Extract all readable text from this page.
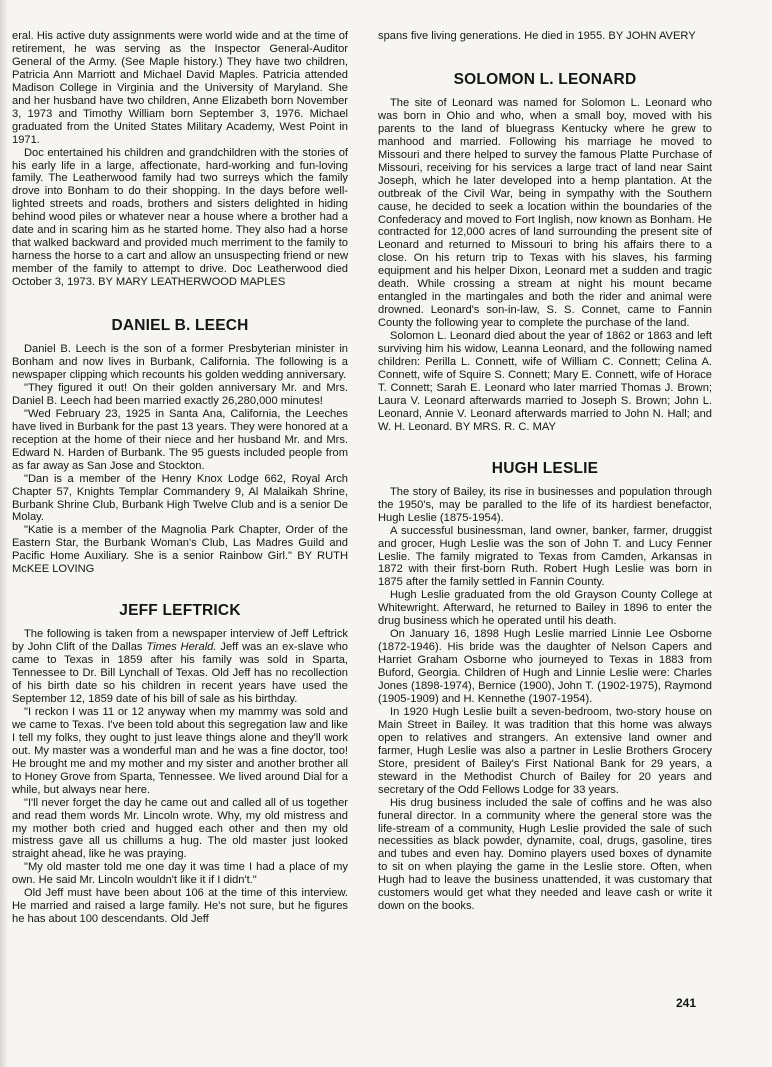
eral. His active duty assignments were world wide and at the time of retirement, he was serving as the Inspector General-Auditor General of the Army. (See Maple history.) They have two children, Patricia Ann Marriott and Michael David Maples. Patricia attended Madison College in Virginia and the University of Maryland. She and her husband have two children, Anne Elizabeth born November 3, 1973 and Timothy William born September 3, 1976. Michael graduated from the United States Military Academy, West Point in 1971.

Doc entertained his children and grandchildren with the stories of his early life in a large, affectionate, hard-working and fun-loving family. The Leatherwood family had two surreys which the family drove into Bonham to do their shopping. In the days before well-lighted streets and roads, brothers and sisters delighted in hiding behind wood piles or whatever near a house where a brother had a date and in scaring him as he started home. They also had a horse that walked backward and provided much merriment to the family to harness the horse to a cart and allow an unsuspecting friend or new member of the family to attempt to drive. Doc Leatherwood died October 3, 1973. BY MARY LEATHERWOOD MAPLES

DANIEL B. LEECH

Daniel B. Leech is the son of a former Presbyterian minister in Bonham and now lives in Burbank, California. The following is a newspaper clipping which recounts his golden wedding anniversary.

"They figured it out! On their golden anniversary Mr. and Mrs. Daniel B. Leech had been married exactly 26,280,000 minutes!

"Wed February 23, 1925 in Santa Ana, California, the Leeches have lived in Burbank for the past 13 years. They were honored at a reception at the home of their niece and her husband Mr. and Mrs. Edward N. Harden of Burbank. The 95 guests included people from as far away as San Jose and Stockton.

"Dan is a member of the Henry Knox Lodge 662, Royal Arch Chapter 57, Knights Templar Commandery 9, Al Malaikah Shrine, Burbank Shrine Club, Burbank High Twelve Club and is a senior De Molay.

"Katie is a member of the Magnolia Park Chapter, Order of the Eastern Star, the Burbank Woman's Club, Las Madres Guild and Pacific Home Auxiliary. She is a senior Rainbow Girl." BY RUTH McKEE LOVING

JEFF LEFTRICK

The following is taken from a newspaper interview of Jeff Leftrick by John Clift of the Dallas Times Herald. Jeff was an ex-slave who came to Texas in 1859 after his family was sold in Sparta, Tennessee to Dr. Bill Lynchall of Texas. Old Jeff has no recollection of his birth date so his children in recent years have used the September 12, 1859 date of his bill of sale as his birthday.

"I reckon I was 11 or 12 anyway when my mammy was sold and we came to Texas. I've been told about this segregation law and like I tell my folks, they ought to just leave things alone and they'll work out. My master was a wonderful man and he was a fine doctor, too! He brought me and my mother and my sister and another brother all to Honey Grove from Sparta, Tennessee. We lived around Dial for a while, but always near here.

"I'll never forget the day he came out and called all of us together and read them words Mr. Lincoln wrote. Why, my old mistress and my mother both cried and hugged each other and then my old mistress gave all us chillums a hug. The old master just looked straight ahead, like he was praying.

"My old master told me one day it was time I had a place of my own. He said Mr. Lincoln wouldn't like it if I didn't."

Old Jeff must have been about 106 at the time of this interview. He married and raised a large family. He's not sure, but he figures he has about 100 descendants. Old Jeff

spans five living generations. He died in 1955. BY JOHN AVERY

SOLOMON L. LEONARD

The site of Leonard was named for Solomon L. Leonard who was born in Ohio and who, when a small boy, moved with his parents to the land of bluegrass Kentucky where he grew to manhood and married. Following his marriage he moved to Missouri and there helped to survey the famous Platte Purchase of Missouri, receiving for his services a large tract of land near Saint Joseph, which he later developed into a hemp plantation. At the outbreak of the Civil War, being in sympathy with the Southern cause, he decided to seek a location within the boundaries of the Confederacy and moved to Fort Inglish, now known as Bonham. He contracted for 12,000 acres of land surrounding the present site of Leonard and returned to Missouri to bring his affairs there to a close. On his return trip to Texas with his slaves, his farming equipment and his helper Dixon, Leonard met a sudden and tragic death. While crossing a stream at night his mount became entangled in the martingales and both the rider and animal were drowned. Leonard's son-in-law, S. S. Connet, came to Fannin County the following year to complete the purchase of the land.

Solomon L. Leonard died about the year of 1862 or 1863 and left surviving him his widow, Leanna Leonard, and the following named children: Perilla L. Connett, wife of William C. Connett; Celina A. Connett, wife of Squire S. Connett; Mary E. Connett, wife of Horace T. Connett; Sarah E. Leonard who later married Thomas J. Brown; Laura V. Leonard afterwards married to Joseph S. Brown; John L. Leonard, Annie V. Leonard afterwards married to John N. Hall; and W. H. Leonard. BY MRS. R. C. MAY

HUGH LESLIE

The story of Bailey, its rise in businesses and population through the 1950's, may be paralled to the life of its hardiest benefactor, Hugh Leslie (1875-1954).

A successful businessman, land owner, banker, farmer, druggist and grocer, Hugh Leslie was the son of John T. and Lucy Fenner Leslie. The family migrated to Texas from Camden, Arkansas in 1872 with their first-born Ruth. Robert Hugh Leslie was born in 1875 after the family settled in Fannin County.

Hugh Leslie graduated from the old Grayson County College at Whitewright. Afterward, he returned to Bailey in 1896 to enter the drug business which he operated until his death.

On January 16, 1898 Hugh Leslie married Linnie Lee Osborne (1872-1946). His bride was the daughter of Nelson Capers and Harriet Graham Osborne who journeyed to Texas in 1883 from Buford, Georgia. Children of Hugh and Linnie Leslie were: Charles Jones (1898-1974), Bernice (1900), John T. (1902-1975), Raymond (1905-1909) and H. Kennethe (1907-1954).

In 1920 Hugh Leslie built a seven-bedroom, two-story house on Main Street in Bailey. It was tradition that this home was always open to relatives and strangers. An extensive land owner and farmer, Hugh Leslie was also a partner in Leslie Brothers Grocery Store, president of Bailey's First National Bank for 29 years, a steward in the Methodist Church of Bailey for 20 years and secretary of the Odd Fellows Lodge for 33 years.

His drug business included the sale of coffins and he was also funeral director. In a community where the general store was the life-stream of a community, Hugh Leslie provided the sale of such necessities as black powder, dynamite, coal, drugs, gasoline, tires and tubes and even hay. Domino players used boxes of dynamite to sit on when playing the game in the Leslie store. Often, when Hugh had to leave the business unattended, it was customary that customers would get what they needed and leave cash or write it down on the books.

241
